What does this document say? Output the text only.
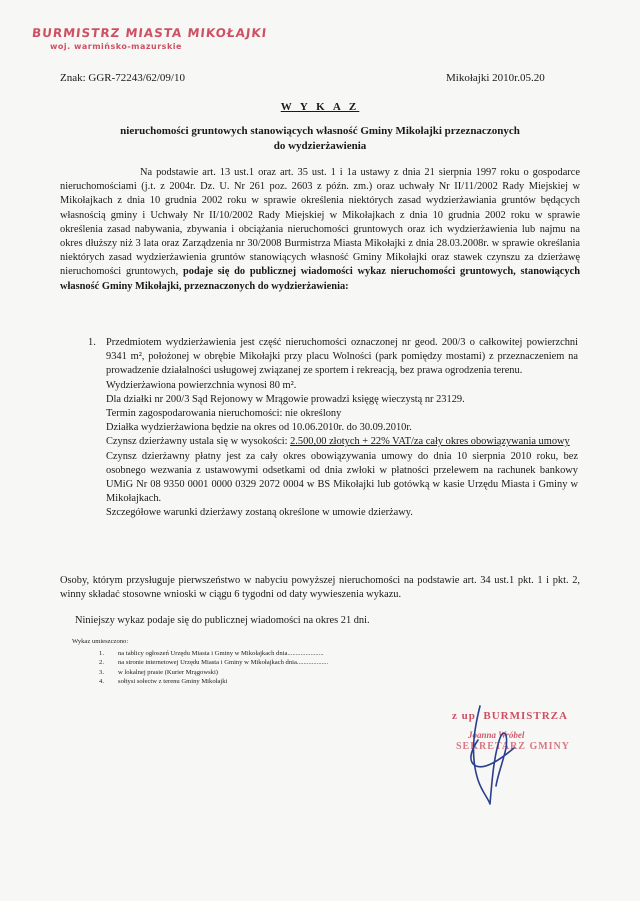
BURMISTRZ MIASTA MIKOŁAJKI
woj. warmińsko-mazurskie
Znak: GGR-72243/62/09/10	Mikołajki 2010r.05.20
W Y K A Z
nieruchomości gruntowych stanowiących własność Gminy Mikołajki przeznaczonych do wydzierżawienia

Na podstawie art. 13 ust.1 oraz art. 35 ust. 1 i 1a ustawy z dnia 21 sierpnia 1997 roku o gospodarce nieruchomościami (j.t. z 2004r. Dz. U. Nr 261 poz. 2603 z późn. zm.) oraz uchwały Nr II/11/2002 Rady Miejskiej w Mikołajkach z dnia 10 grudnia 2002 roku w sprawie określenia niektórych zasad wydzierżawiania gruntów będących własnością gminy i Uchwały Nr II/10/2002 Rady Miejskiej w Mikołajkach z dnia 10 grudnia 2002 roku w sprawie określenia zasad nabywania, zbywania i obciążania nieruchomości gruntowych oraz ich wydzierżawienia lub najmu na okres dłuższy niż 3 lata oraz Zarządzenia nr 30/2008 Burmistrza Miasta Mikołajki z dnia 28.03.2008r. w sprawie określania niektórych zasad wydzierżawienia gruntów stanowiących własność Gminy Mikołajki oraz stawek czynszu za dzierżawę nieruchomości gruntowych, podaje się do publicznej wiadomości wykaz nieruchomości gruntowych, stanowiących własność Gminy Mikołajki, przeznaczonych do wydzierżawienia:

1. Przedmiotem wydzierżawienia jest część nieruchomości oznaczonej nr geod. 200/3 o całkowitej powierzchni 9341 m², położonej w obrębie Mikołajki przy placu Wolności (park pomiędzy mostami) z przeznaczeniem na prowadzenie działalności usługowej związanej ze sportem i rekreacją, bez prawa ogrodzenia terenu.
Wydzierżawiona powierzchnia wynosi 80 m².
Dla działki nr 200/3 Sąd Rejonowy w Mrągowie prowadzi księgę wieczystą nr 23129.
Termin zagospodarowania nieruchomości: nie określony
Działka wydzierżawiona będzie na okres od 10.06.2010r. do 30.09.2010r.
Czynsz dzierżawny ustala się w wysokości: 2.500,00 złotych + 22% VAT/za cały okres obowiązywania umowy
Czynsz dzierżawny płatny jest za cały okres obowiązywania umowy do dnia 10 sierpnia 2010 roku, bez osobnego wezwania z ustawowymi odsetkami od dnia zwłoki w płatności przelewem na rachunek bankowy UMiG Nr 08 9350 0001 0000 0329 2072 0004 w BS Mikołajki lub gotówką w kasie Urzędu Miasta i Gminy w Mikołajkach.
Szczegółowe warunki dzierżawy zostaną określone w umowie dzierżawy.
Osoby, którym przysługuje pierwszeństwo w nabyciu powyższej nieruchomości na podstawie art. 34 ust.1 pkt. 1 i pkt. 2, winny składać stosowne wnioski w ciągu 6 tygodni od daty wywieszenia wykazu.
Niniejszy wykaz podaje się do publicznej wiadomości na okres 21 dni.
Wykaz umieszczono:
1.	na tablicy ogłoszeń Urzędu Miasta i Gminy w Mikołajkach dnia......................
2.	na stronie internetowej Urzędu Miasta i Gminy w Mikołajkach dnia...................
3.	w lokalnej prasie (Kurier Mrągowski)
4.	sołtysi sołectw z terenu Gminy Mikołajki
z up. BURMISTRZA
Joanna Wróbel
SEKRETARZ GMINY
